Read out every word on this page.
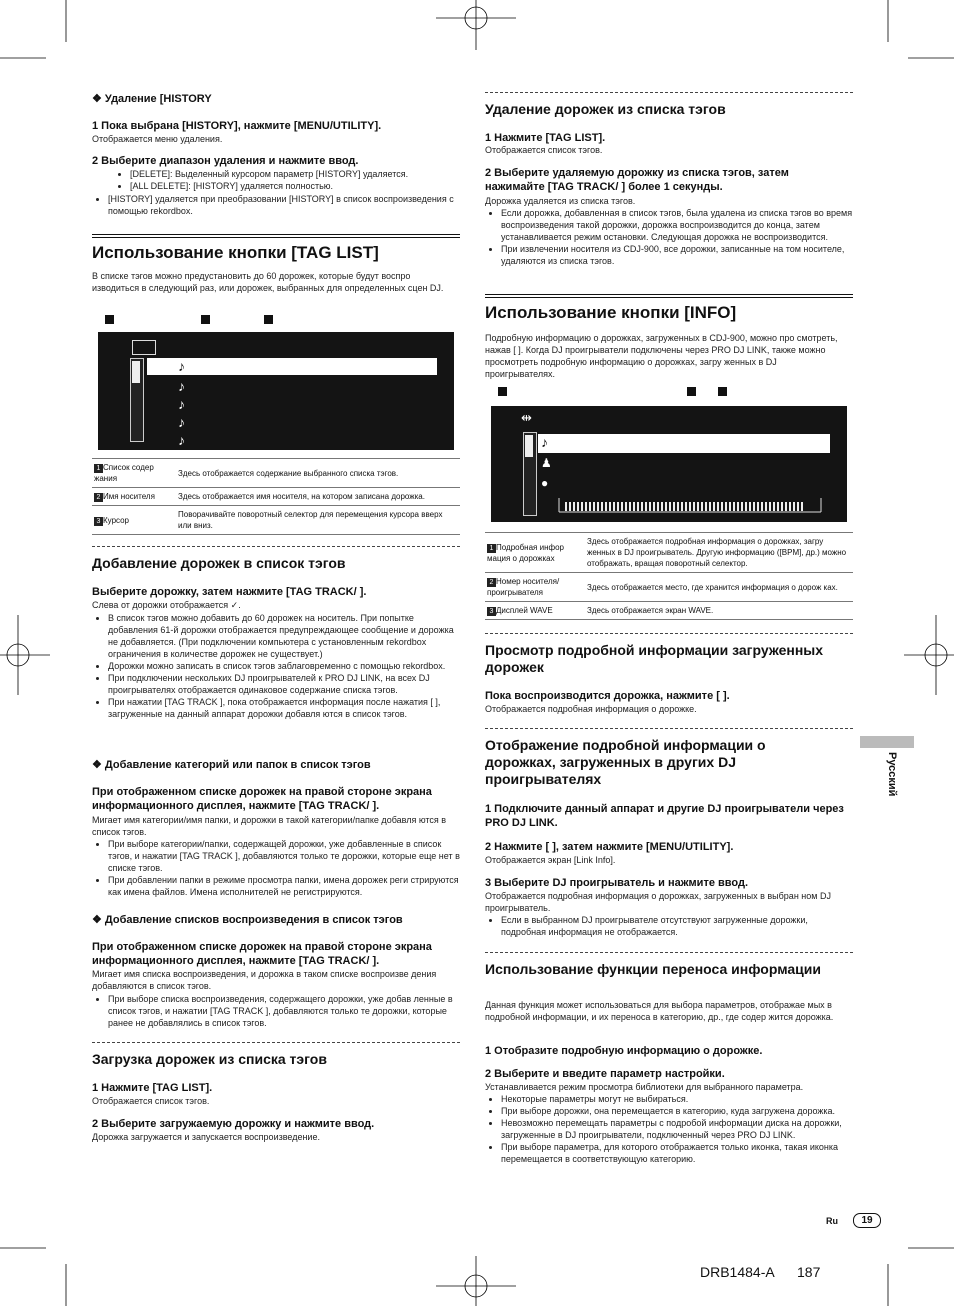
❖ Удаление [HISTORY

1 Пока выбрана [HISTORY], нажмите [MENU/UTILITY].

Отображается меню удаления.

2 Выберите диапазон удаления и нажмите ввод.

• [DELETE]: Выделенный курсором параметр [HISTORY] удаляется.
• [ALL DELETE]: [HISTORY] удаляется полностью.
• [HISTORY] удаляется при преобразовании [HISTORY] в список воспроизведения с помощью rekordbox.

Использование кнопки [TAG LIST]

В списке тэгов можно предустановить до 60 дорожек, которые будут воспро изводиться в следующий раз, или дорожек, выбранных для определенных сцен DJ.

♪
♪
♪
♪
♪
1 Список содер жания	Здесь отображается содержание выбранного списка тэгов.
2 Имя носителя	Здесь отображается имя носителя, на котором записана дорожка.
3 Курсор	Поворачивайте поворотный селектор для перемещения курсора вверх или вниз.

Добавление дорожек в список тэгов

Выберите дорожку, затем нажмите [TAG TRACK/ ].

Слева от дорожки отображается ✓.

• В список тэгов можно добавить до 60 дорожек на носитель. При попытке добавления 61-й дорожки отображается предупреждающее сообщение и дорожка не добавляется. (При подключении компьютера с установленным rekordbox ограничения в количестве дорожек не существует.)
• Дорожки можно записать в список тэгов заблаговременно с помощью rekordbox.
• При подключении нескольких DJ проигрывателей к PRO DJ LINK, на всех DJ проигрывателях отображается одинаковое содержание списка тэгов.
• При нажатии [TAG TRACK ], пока отображается информация после нажатия [ ], загруженные на данный аппарат дорожки добавля ются в список тэгов.

❖ Добавление категорий или папок в список тэгов

При отображенном списке дорожек на правой стороне экрана информационного дисплея, нажмите [TAG TRACK/ ].

Мигает имя категории/имя папки, и дорожки в такой категории/папке добавля ются в список тэгов.

• При выборе категории/папки, содержащей дорожки, уже добавленные в список тэгов, и нажатии [TAG TRACK ], добавляются только те дорожки, которые еще нет в списке тэгов.
• При добавлении папки в режиме просмотра папки, имена дорожек реги стрируются как имена файлов. Имена исполнителей не регистрируются.

❖ Добавление списков воспроизведения в список тэгов

При отображенном списке дорожек на правой стороне экрана информационного дисплея, нажмите [TAG TRACK/ ].

Мигает имя списка воспроизведения, и дорожка в таком списке воспроизве дения добавляются в список тэгов.

• При выборе списка воспроизведения, содержащего дорожки, уже добав ленные в список тэгов, и нажатии [TAG TRACK ], добавляются только те дорожки, которые ранее не добавлялись в список тэгов.

Загрузка дорожек из списка тэгов

1 Нажмите [TAG LIST].

Отображается список тэгов.

2 Выберите загружаемую дорожку и нажмите ввод.

Дорожка загружается и запускается воспроизведение.

Удаление дорожек из списка тэгов

1 Нажмите [TAG LIST].

Отображается список тэгов.

2 Выберите удаляемую дорожку из списка тэгов, затем нажимайте [TAG TRACK/ ] более 1 секунды.

Дорожка удаляется из списка тэгов.

• Если дорожка, добавленная в список тэгов, была удалена из списка тэгов во время воспроизведения такой дорожки, дорожка воспроизводится до конца, затем устанавливается режим остановки. Следующая дорожка не воспроизводится.
• При извлечении носителя из CDJ-900, все дорожки, записанные на том носителе, удаляются из списка тэгов.

Использование кнопки [INFO]

Подробную информацию о дорожках, загруженных в CDJ-900, можно про смотреть, нажав [ ]. Когда DJ проигрыватели подключены через PRO DJ LINK, также можно просмотреть подробную информацию о дорожках, загру женных в DJ проигрывателях.

⇹
♪
♟
●
1 Подробная инфор мация о дорожках	Здесь отображается подробная информация о дорожках, загру женных в DJ проигрыватель. Другую информацию ([BPM], др.) можно отображать, вращая поворотный селектор.
2 Номер носителя/ проигрывателя	Здесь отображается место, где хранится информация о дорож ках.
3 Дисплей WAVE	Здесь отображается экран WAVE.

Просмотр подробной информации загруженных дорожек

Пока воспроизводится дорожка, нажмите [ ].

Отображается подробная информация о дорожке.

Отображение подробной информации о дорожках, загруженных в других DJ проигрывателях

1 Подключите данный аппарат и другие DJ проигрыватели через PRO DJ LINK.

2 Нажмите [ ], затем нажмите [MENU/UTILITY].

Отображается экран [Link Info].

3 Выберите DJ проигрыватель и нажмите ввод.

Отображается подробная информация о дорожках, загруженных в выбран ном DJ проигрыватель.

• Если в выбранном DJ проигрывателе отсутствуют загруженные дорожки, подробная информация не отображается.

Использование функции переноса информации

Данная функция может использоваться для выбора параметров, отображае мых в подробной информации, и их переноса в категорию, др., где содер жится дорожка.

1 Отобразите подробную информацию о дорожке.

2 Выберите и введите параметр настройки.

Устанавливается режим просмотра библиотеки для выбранного параметра.

• Некоторые параметры могут не выбираться.
• При выборе дорожки, она перемещается в категорию, куда загружена дорожка.
• Невозможно перемещать параметры с подробой информации диска на дорожки, загруженные в DJ проигрыватели, подключенный через PRO DJ LINK.
• При выборе параметра, для которого отображается только иконка, такая иконка перемещается в соответствующую категорию.
Русский
Ru	19
DRB1484-A 187
